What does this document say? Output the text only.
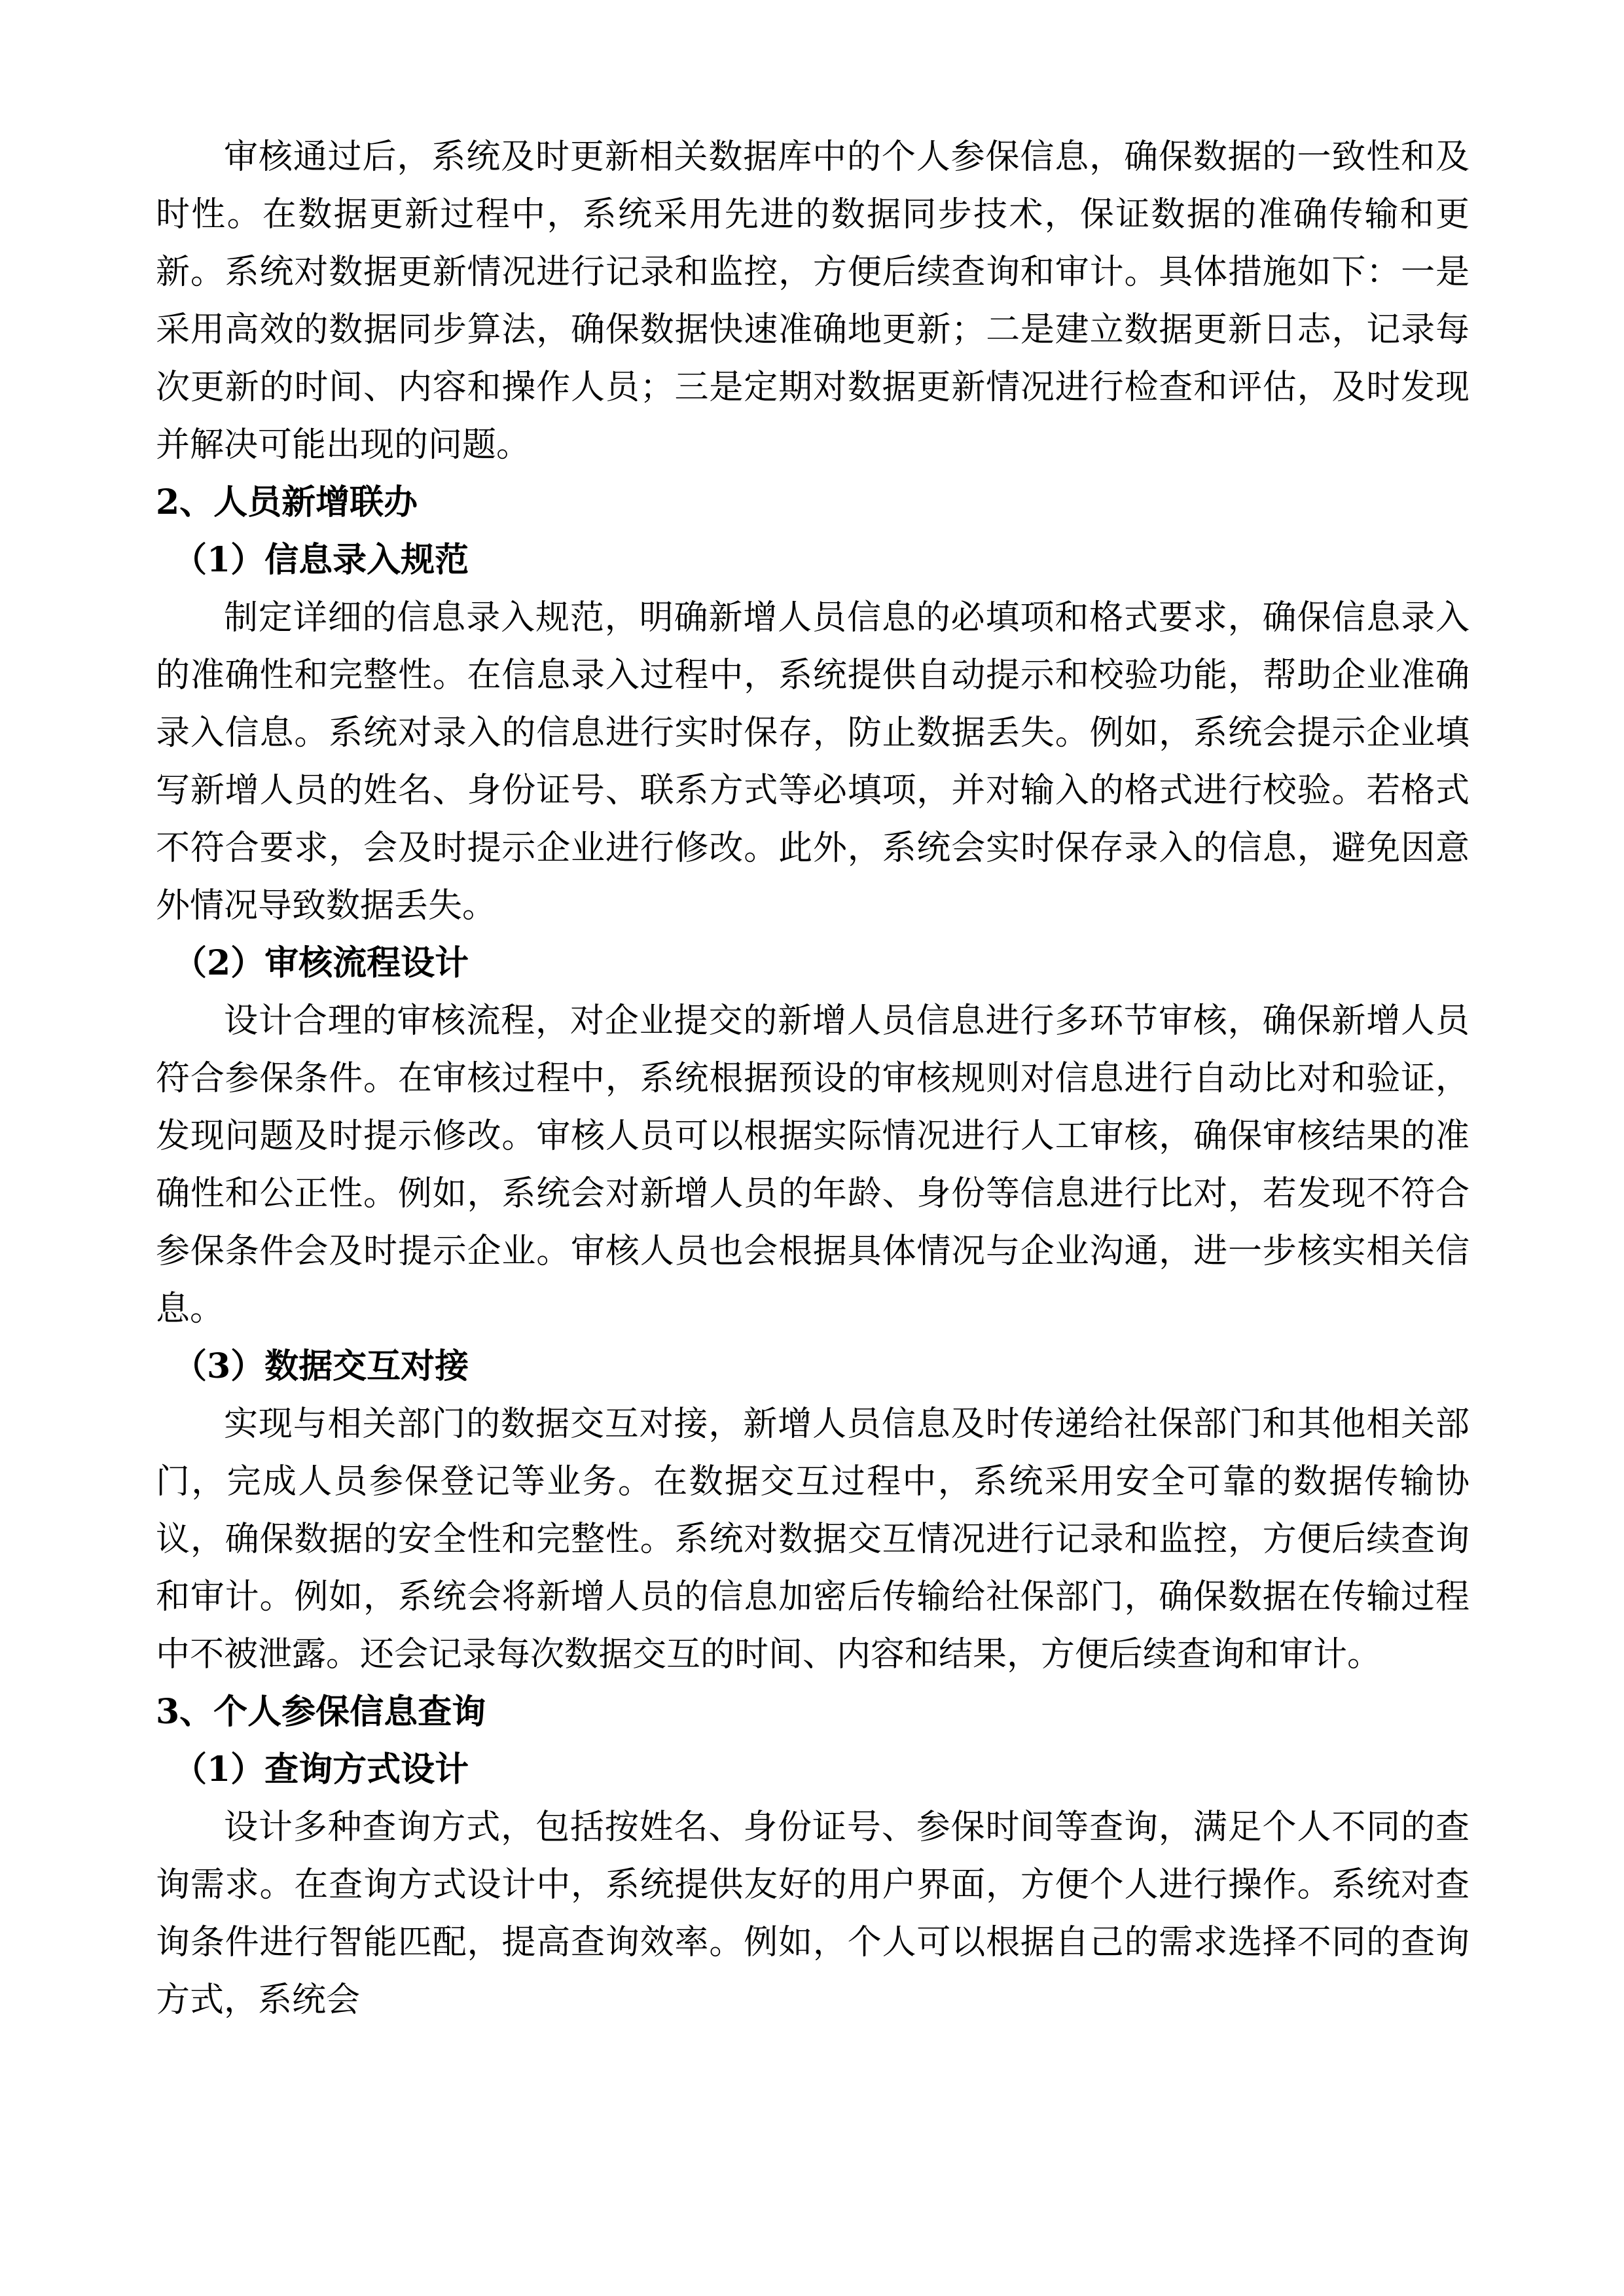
审核通过后，系统及时更新相关数据库中的个人参保信息，确保数据的一致性和及时性。在数据更新过程中，系统采用先进的数据同步技术，保证数据的准确传输和更新。系统对数据更新情况进行记录和监控，方便后续查询和审计。具体措施如下：一是采用高效的数据同步算法，确保数据快速准确地更新；二是建立数据更新日志，记录每次更新的时间、内容和操作人员；三是定期对数据更新情况进行检查和评估，及时发现并解决可能出现的问题。
2、人员新增联办
（1）信息录入规范
制定详细的信息录入规范，明确新增人员信息的必填项和格式要求，确保信息录入的准确性和完整性。在信息录入过程中，系统提供自动提示和校验功能，帮助企业准确录入信息。系统对录入的信息进行实时保存，防止数据丢失。例如，系统会提示企业填写新增人员的姓名、身份证号、联系方式等必填项，并对输入的格式进行校验。若格式不符合要求，会及时提示企业进行修改。此外，系统会实时保存录入的信息，避免因意外情况导致数据丢失。
（2）审核流程设计
设计合理的审核流程，对企业提交的新增人员信息进行多环节审核，确保新增人员符合参保条件。在审核过程中，系统根据预设的审核规则对信息进行自动比对和验证，发现问题及时提示修改。审核人员可以根据实际情况进行人工审核，确保审核结果的准确性和公正性。例如，系统会对新增人员的年龄、身份等信息进行比对，若发现不符合参保条件会及时提示企业。审核人员也会根据具体情况与企业沟通，进一步核实相关信息。
（3）数据交互对接
实现与相关部门的数据交互对接，新增人员信息及时传递给社保部门和其他相关部门，完成人员参保登记等业务。在数据交互过程中，系统采用安全可靠的数据传输协议，确保数据的安全性和完整性。系统对数据交互情况进行记录和监控，方便后续查询和审计。例如，系统会将新增人员的信息加密后传输给社保部门，确保数据在传输过程中不被泄露。还会记录每次数据交互的时间、内容和结果，方便后续查询和审计。
3、个人参保信息查询
（1）查询方式设计
设计多种查询方式，包括按姓名、身份证号、参保时间等查询，满足个人不同的查询需求。在查询方式设计中，系统提供友好的用户界面，方便个人进行操作。系统对查询条件进行智能匹配，提高查询效率。例如，个人可以根据自己的需求选择不同的查询方式，系统会
